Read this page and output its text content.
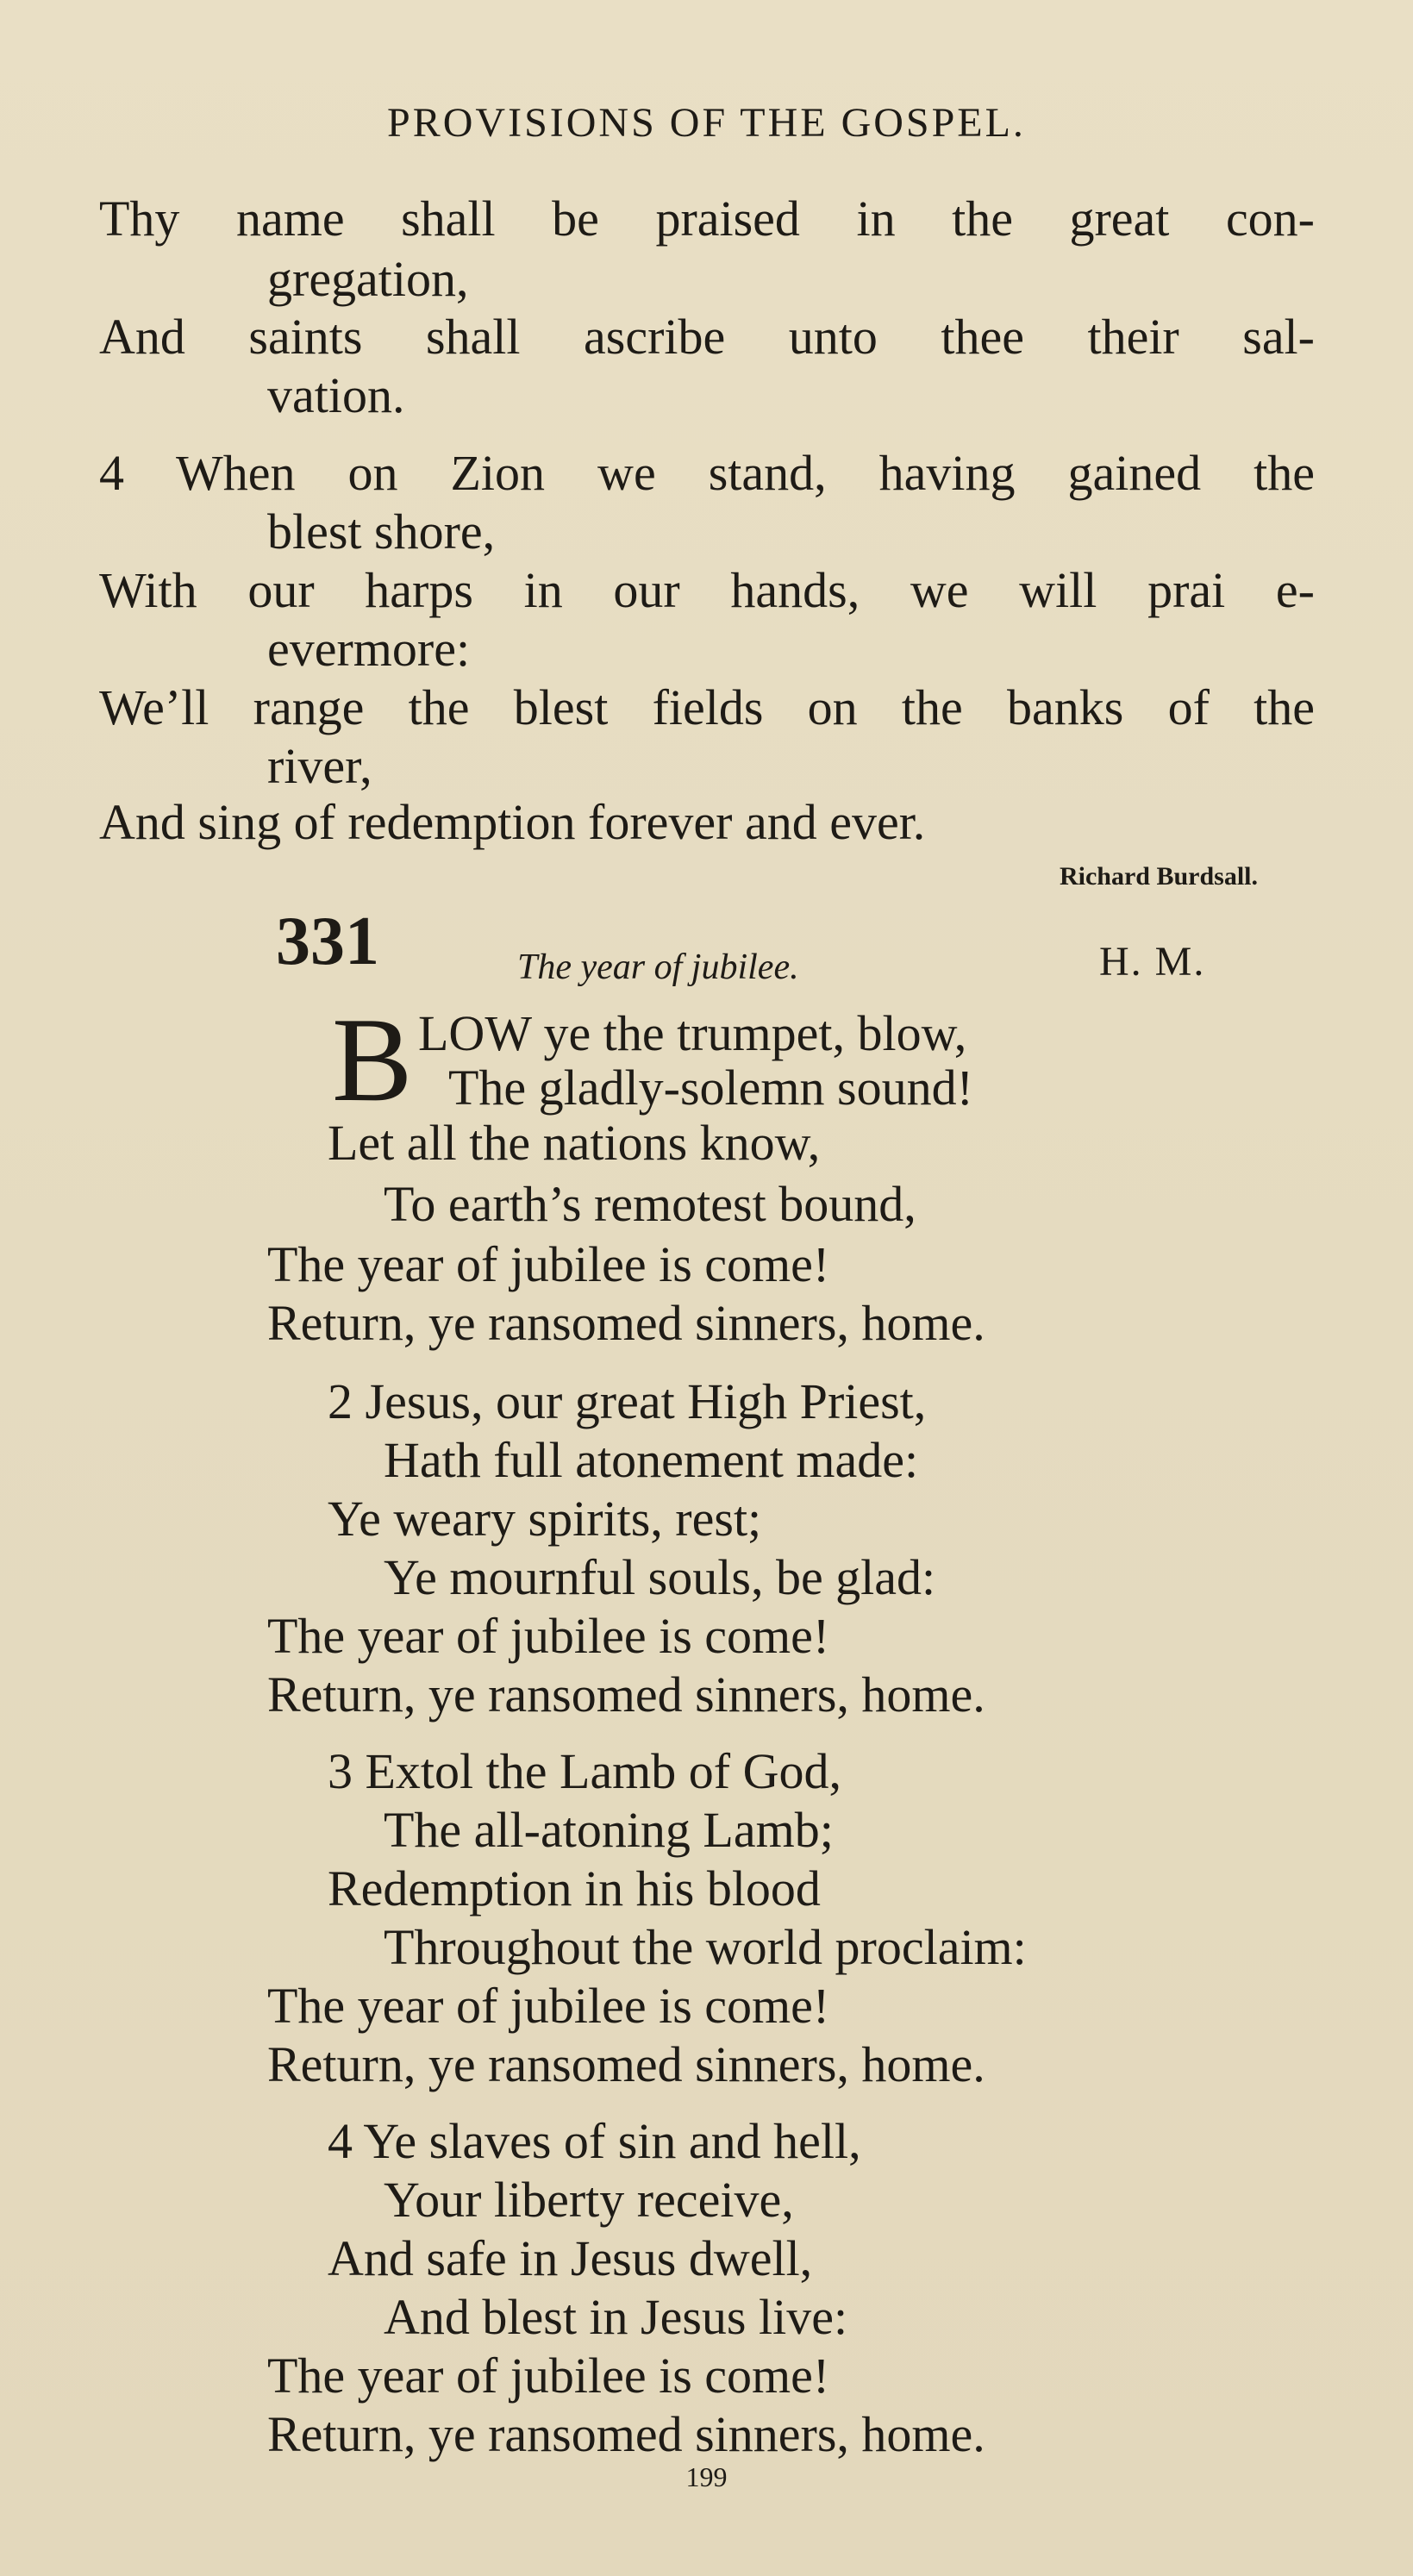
PROVISIONS OF THE GOSPEL.
Thy name shall be praised in the great con-
gregation,
And saints shall ascribe unto thee their sal-
vation.
4 When on Zion we stand, having gained the
blest shore,
With our harps in our hands, we will prai e-
evermore:
We’ll range the blest fields on the banks of the
river,
And sing of redemption forever and ever.
Richard Burdsall.
331	The year of jubilee.	H. M.
B LOW ye the trumpet, blow,
The gladly-solemn sound!
Let all the nations know,
To earth’s remotest bound,
The year of jubilee is come!
Return, ye ransomed sinners, home.
2 Jesus, our great High Priest,
Hath full atonement made:
Ye weary spirits, rest;
Ye mournful souls, be glad:
The year of jubilee is come!
Return, ye ransomed sinners, home.
3 Extol the Lamb of God,
The all-atoning Lamb;
Redemption in his blood
Throughout the world proclaim:
The year of jubilee is come!
Return, ye ransomed sinners, home.
4 Ye slaves of sin and hell,
Your liberty receive,
And safe in Jesus dwell,
And blest in Jesus live:
The year of jubilee is come!
Return, ye ransomed sinners, home.
199
